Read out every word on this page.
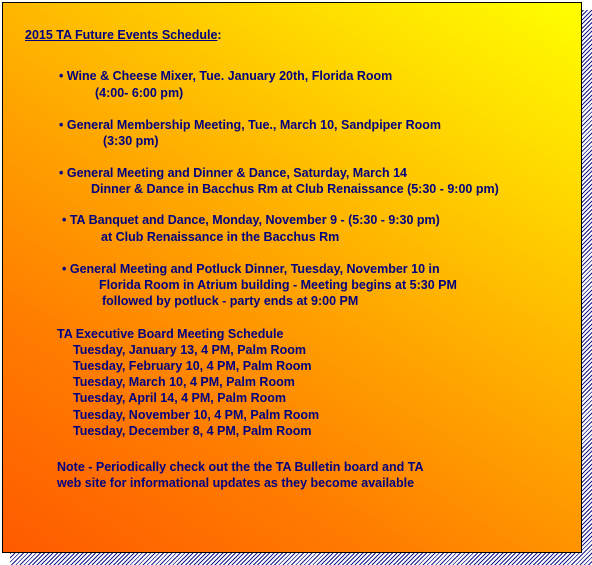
2015 TA Future Events Schedule:
• Wine & Cheese Mixer, Tue. January 20th, Florida Room
(4:00- 6:00 pm)
• General Membership Meeting, Tue., March 10, Sandpiper Room
(3:30 pm)
• General Meeting and Dinner & Dance, Saturday, March 14
Dinner & Dance in Bacchus Rm at Club Renaissance (5:30 - 9:00 pm)
• TA Banquet and Dance, Monday, November 9 - (5:30 - 9:30 pm)
at Club Renaissance in the Bacchus Rm
• General Meeting and Potluck Dinner, Tuesday, November 10 in
Florida Room in Atrium building - Meeting begins at 5:30 PM
followed by potluck - party ends at 9:00 PM
TA Executive Board Meeting Schedule
Tuesday, January 13, 4 PM, Palm Room
Tuesday, February 10, 4 PM, Palm Room
Tuesday, March 10, 4 PM, Palm Room
Tuesday, April 14, 4 PM, Palm Room
Tuesday, November 10, 4 PM, Palm Room
Tuesday, December 8, 4 PM, Palm Room
Note - Periodically check out the the TA Bulletin board and TA
web site for informational updates as they become available
